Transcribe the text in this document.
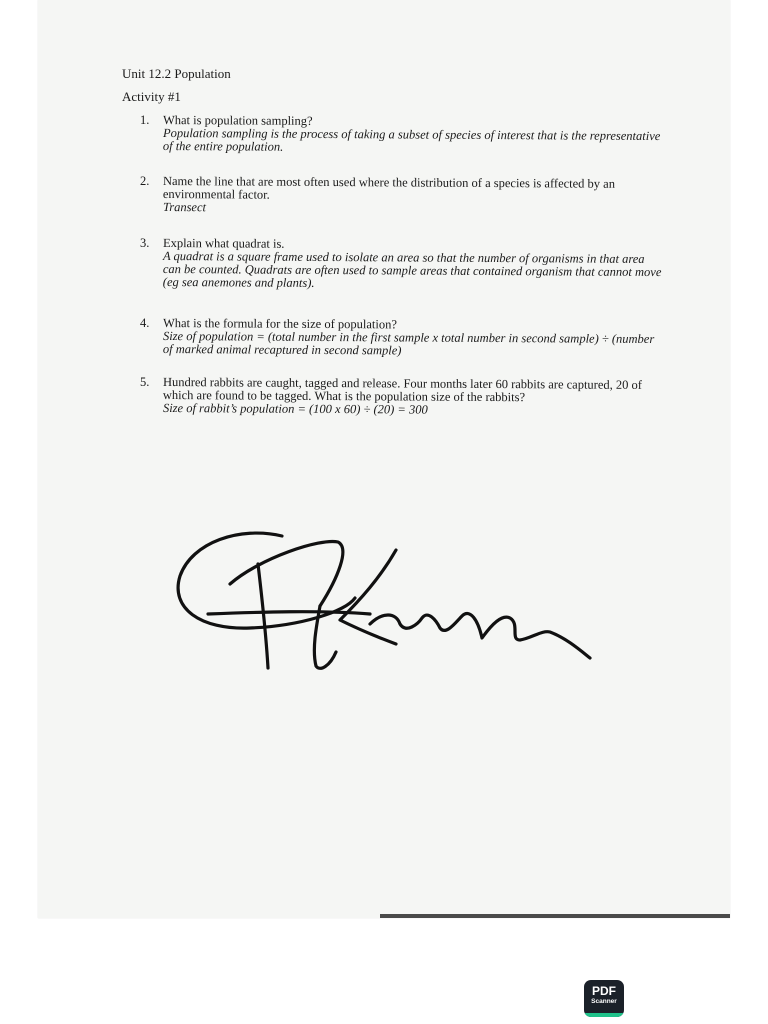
Unit 12.2 Population
Activity #1
1.	What is population sampling?
Population sampling is the process of taking a subset of species of interest that is the representative of the entire population.
2.	Name the line that are most often used where the distribution of a species is affected by an environmental factor.
Transect
3.	Explain what quadrat is.
A quadrat is a square frame used to isolate an area so that the number of organisms in that area can be counted. Quadrats are often used to sample areas that contained organism that cannot move (eg sea anemones and plants).
4.	What is the formula for the size of population?
Size of population = (total number in the first sample x total number in second sample) ÷ (number of marked animal recaptured in second sample)
5.	Hundred rabbits are caught, tagged and release. Four months later 60 rabbits are captured, 20 of which are found to be tagged. What is the population size of the rabbits?
Size of rabbit’s population = (100 x 60) ÷ (20) = 300
PDF
Scanner
